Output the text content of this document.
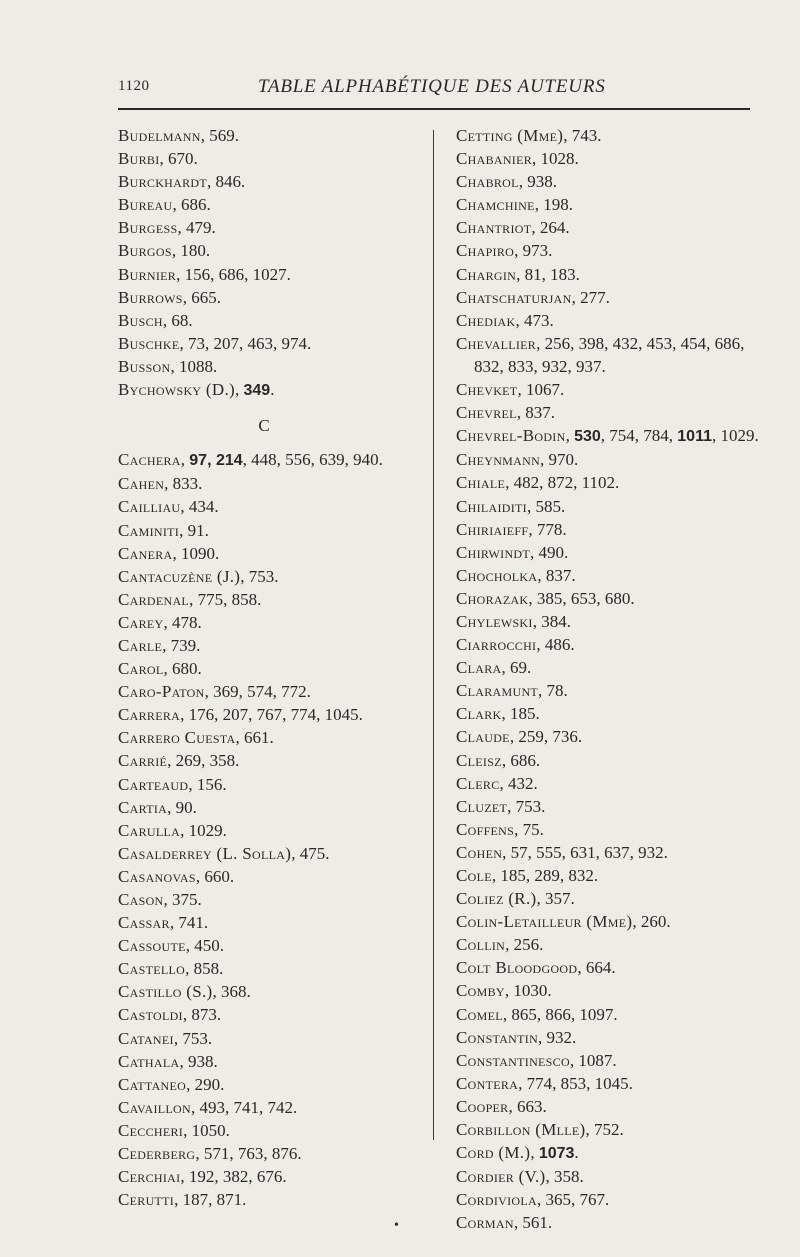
1120	TABLE ALPHABÉTIQUE DES AUTEURS
Budelmann, 569.
Burbi, 670.
Burckhardt, 846.
Bureau, 686.
Burgess, 479.
Burgos, 180.
Burnier, 156, 686, 1027.
Burrows, 665.
Busch, 68.
Buschke, 73, 207, 463, 974.
Busson, 1088.
Bychowsky (D.), 349.
C
Cachera, 97, 214, 448, 556, 639, 940.
Cahen, 833.
Cailliau, 434.
Caminiti, 91.
Canera, 1090.
Cantacuzène (J.), 753.
Cardenal, 775, 858.
Carey, 478.
Carle, 739.
Carol, 680.
Caro-Paton, 369, 574, 772.
Carrera, 176, 207, 767, 774, 1045.
Carrero Cuesta, 661.
Carrié, 269, 358.
Carteaud, 156.
Cartia, 90.
Carulla, 1029.
Casalderrey (L. Solla), 475.
Casanovas, 660.
Cason, 375.
Cassar, 741.
Cassoute, 450.
Castello, 858.
Castillo (S.), 368.
Castoldi, 873.
Catanei, 753.
Cathala, 938.
Cattaneo, 290.
Cavaillon, 493, 741, 742.
Ceccheri, 1050.
Cederberg, 571, 763, 876.
Cerchiai, 192, 382, 676.
Cerutti, 187, 871.
Cetting (Mme), 743.
Chabanier, 1028.
Chabrol, 938.
Chamchine, 198.
Chantriot, 264.
Chapiro, 973.
Chargin, 81, 183.
Chatschaturjan, 277.
Chediak, 473.
Chevallier, 256, 398, 432, 453, 454, 686, 832, 833, 932, 937.
Chevket, 1067.
Chevrel, 837.
Chevrel-Bodin, 530, 754, 784, 1011, 1029.
Cheynmann, 970.
Chiale, 482, 872, 1102.
Chilaiditi, 585.
Chiriaieff, 778.
Chirwindt, 490.
Chocholka, 837.
Chorazak, 385, 653, 680.
Chylewski, 384.
Ciarrocchi, 486.
Clara, 69.
Claramunt, 78.
Clark, 185.
Claude, 259, 736.
Cleisz, 686.
Clerc, 432.
Cluzet, 753.
Coffens, 75.
Cohen, 57, 555, 631, 637, 932.
Cole, 185, 289, 832.
Coliez (R.), 357.
Colin-Letailleur (Mme), 260.
Collin, 256.
Colt Bloodgood, 664.
Comby, 1030.
Comel, 865, 866, 1097.
Constantin, 932.
Constantinesco, 1087.
Contera, 774, 853, 1045.
Cooper, 663.
Corbillon (Mlle), 752.
Cord (M.), 1073.
Cordier (V.), 358.
Cordiviola, 365, 767.
Corman, 561.
•
